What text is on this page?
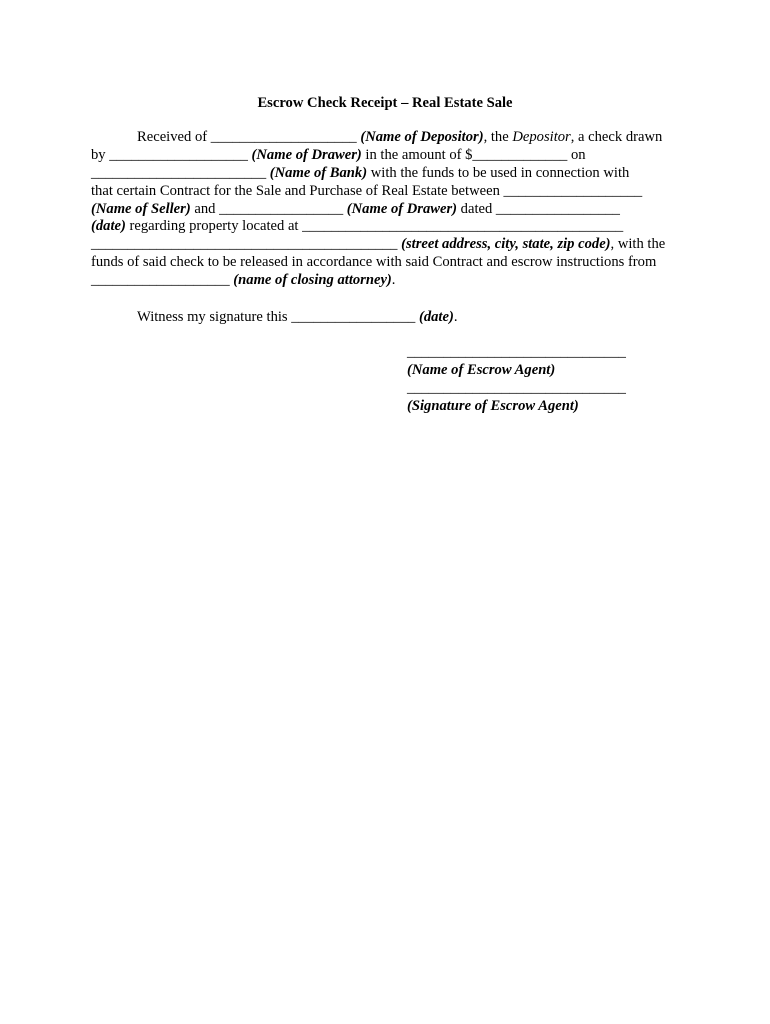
Escrow Check Receipt – Real Estate Sale
Received of ____________________ (Name of Depositor), the Depositor, a check drawn
by ___________________ (Name of Drawer) in the amount of $_____________ on
________________________ (Name of Bank) with the funds to be used in connection with
that certain Contract for the Sale and Purchase of Real Estate between ___________________
(Name of Seller) and _________________ (Name of Drawer) dated _________________
(date) regarding property located at ____________________________________________
__________________________________________ (street address, city, state, zip code), with the
funds of said check to be released in accordance with said Contract and escrow instructions from
___________________ (name of closing attorney).
Witness my signature this _________________ (date).
______________________________
(Name of Escrow Agent)
______________________________
(Signature of Escrow Agent)
